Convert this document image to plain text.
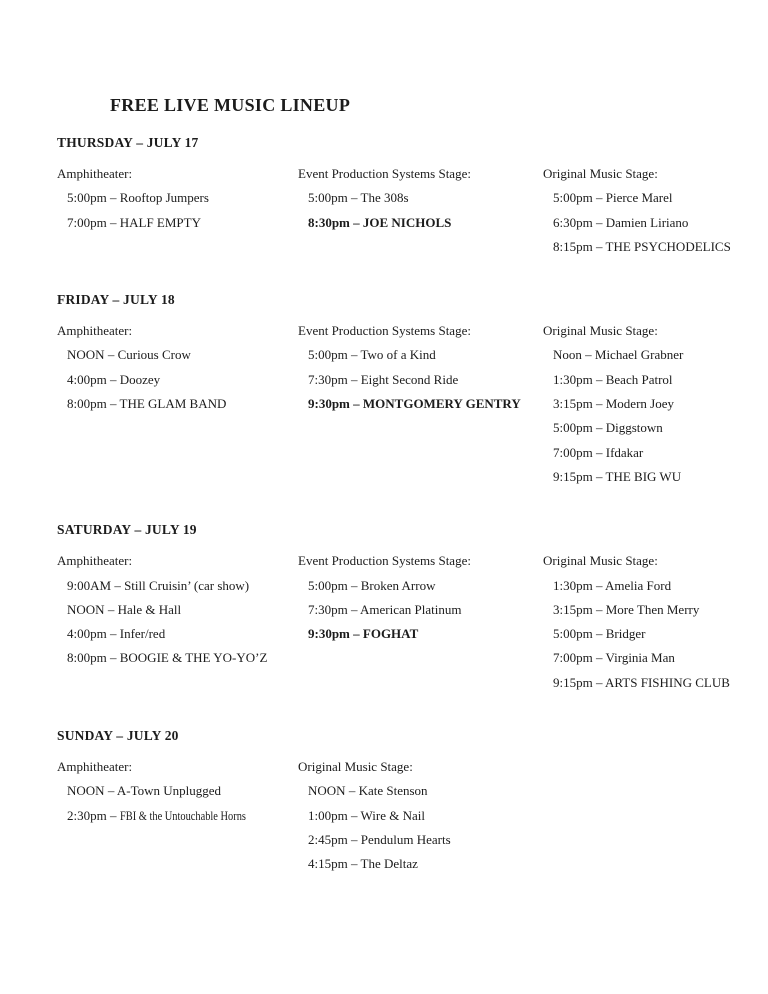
FREE LIVE MUSIC LINEUP
THURSDAY – JULY 17
Amphitheater:
5:00pm – Rooftop Jumpers
7:00pm – HALF EMPTY
Event Production Systems Stage:
5:00pm – The 308s
8:30pm – JOE NICHOLS
Original Music Stage:
5:00pm – Pierce Marel
6:30pm – Damien Liriano
8:15pm – THE PSYCHODELICS
FRIDAY – JULY 18
Amphitheater:
NOON – Curious Crow
4:00pm – Doozey
8:00pm – THE GLAM BAND
Event Production Systems Stage:
5:00pm – Two of a Kind
7:30pm – Eight Second Ride
9:30pm – MONTGOMERY GENTRY
Original Music Stage:
Noon – Michael Grabner
1:30pm – Beach Patrol
3:15pm – Modern Joey
5:00pm – Diggstown
7:00pm – Ifdakar
9:15pm – THE BIG WU
SATURDAY – JULY 19
Amphitheater:
9:00AM – Still Cruisin’ (car show)
NOON – Hale & Hall
4:00pm – Infer/red
8:00pm – BOOGIE & THE YO-YO’Z
Event Production Systems Stage:
5:00pm – Broken Arrow
7:30pm – American Platinum
9:30pm – FOGHAT
Original Music Stage:
1:30pm – Amelia Ford
3:15pm – More Then Merry
5:00pm – Bridger
7:00pm – Virginia Man
9:15pm – ARTS FISHING CLUB
SUNDAY – JULY 20
Amphitheater:
NOON – A-Town Unplugged
2:30pm – FBI & the Untouchable Horns
Original Music Stage:
NOON – Kate Stenson
1:00pm – Wire & Nail
2:45pm – Pendulum Hearts
4:15pm – The Deltaz
